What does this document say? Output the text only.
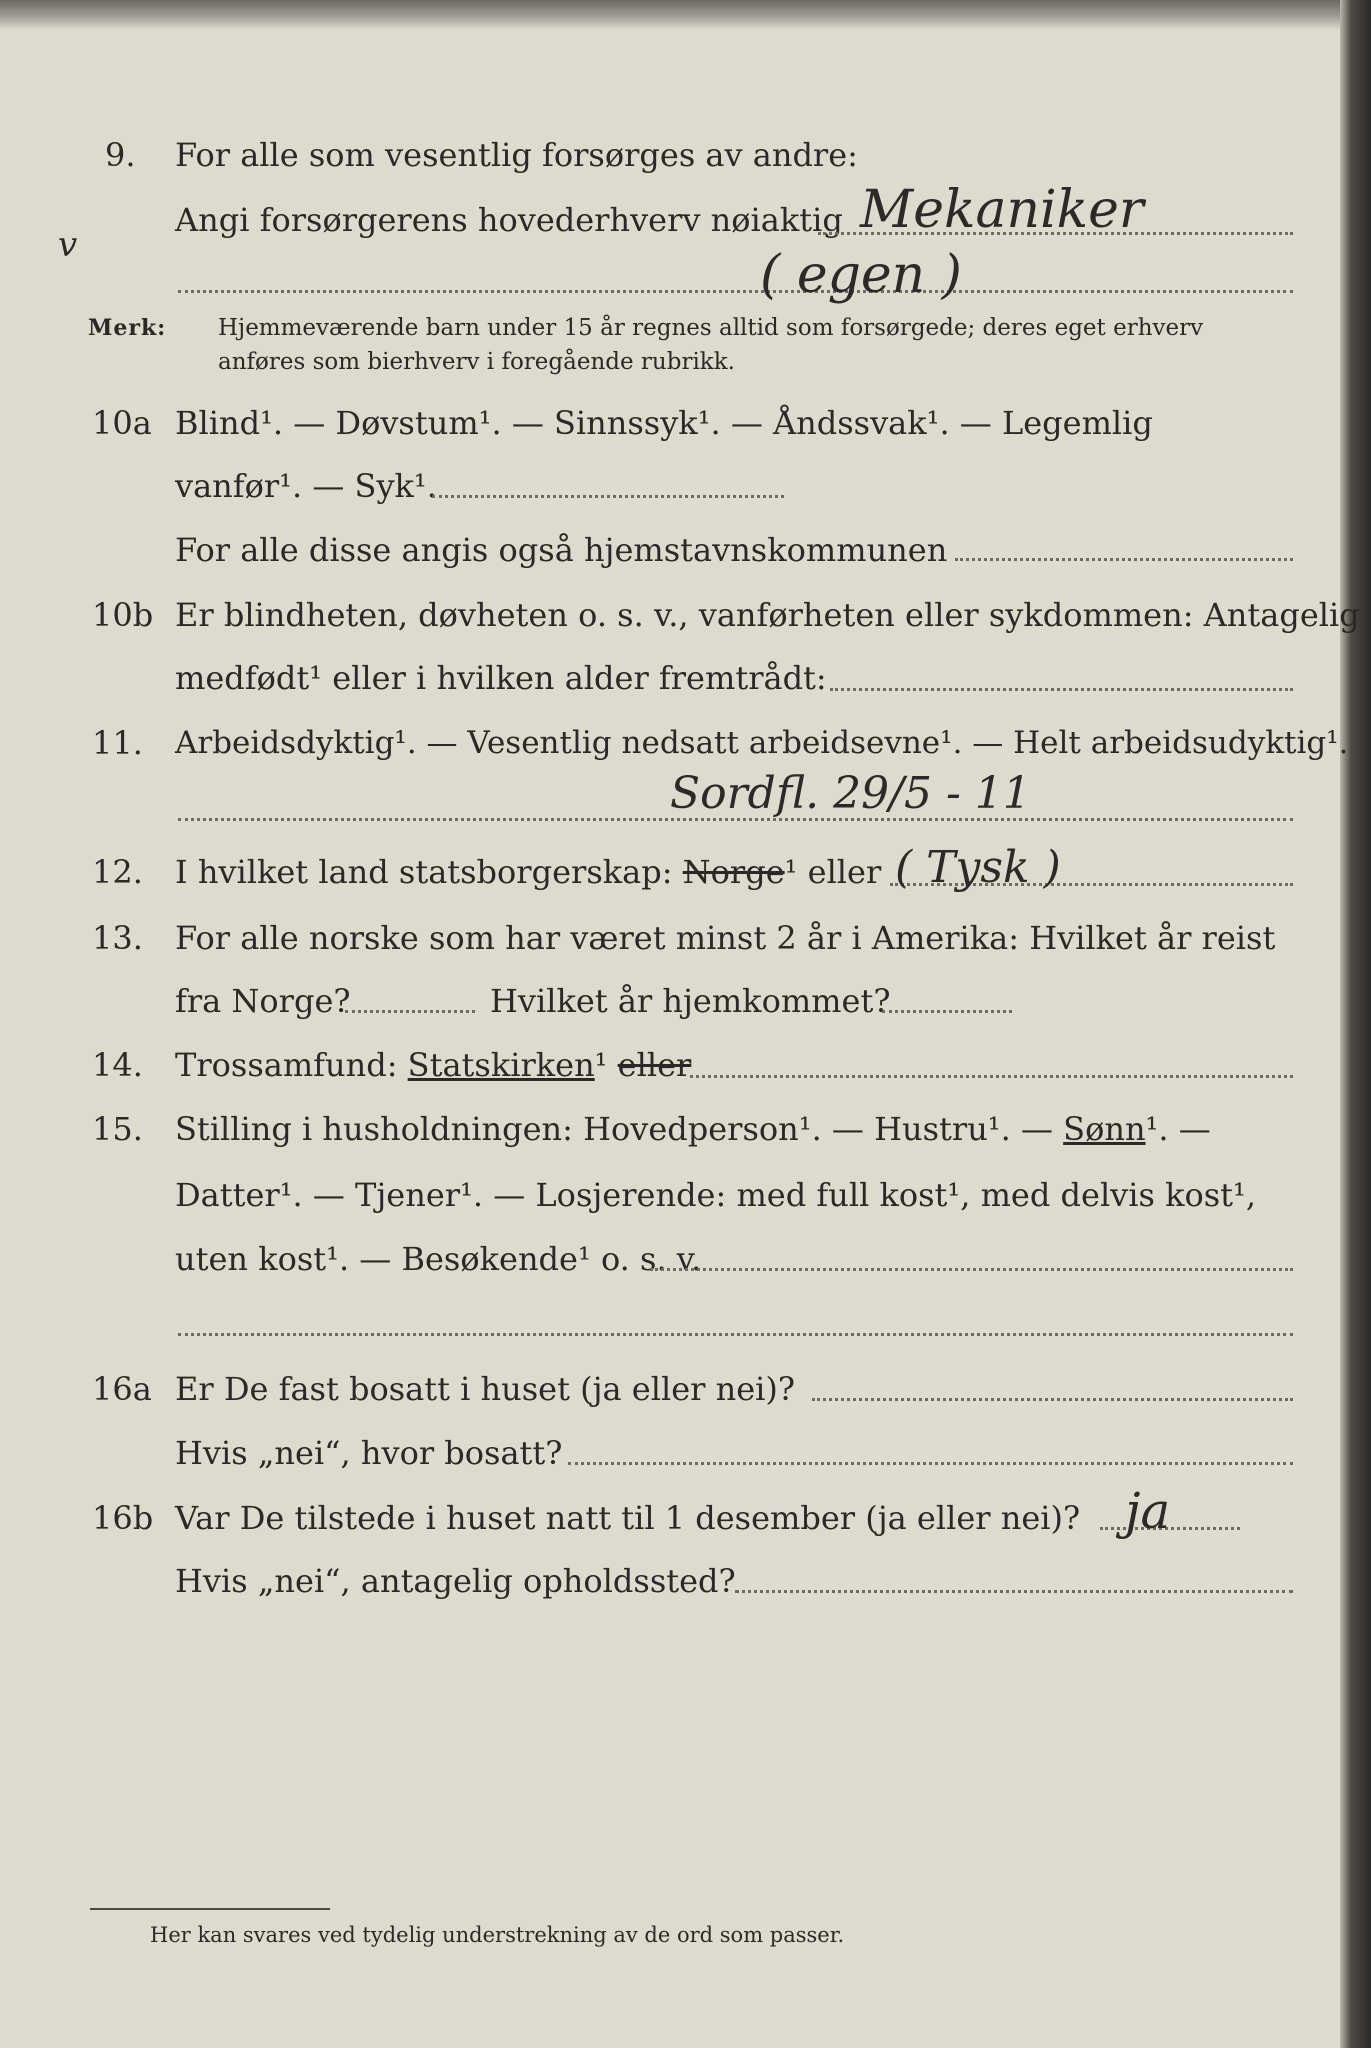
9. For alle som vesentlig forsørges av andre:
Angi forsørgerens hovederhverv nøiaktig Mekaniker
v	( egen )
Merk: Hjemmeværende barn under 15 år regnes alltid som forsørgede; deres eget erhverv
anføres som bierhverv i foregående rubrikk.
10a Blind¹. — Døvstum¹. — Sinnssyk¹. — Åndssvak¹. — Legemlig
vanfør¹. — Syk¹.
For alle disse angis også hjemstavnskommunen
10b Er blindheten, døvheten o. s. v., vanførheten eller sykdommen: Antagelig
medfødt¹ eller i hvilken alder fremtrådt:
11. Arbeidsdyktig¹. — Vesentlig nedsatt arbeidsevne¹. — Helt arbeidsudyktig¹.
Sordfl. 29/5 - 11
12. I hvilket land statsborgerskap: Norge¹ eller ( Tysk )
13. For alle norske som har været minst 2 år i Amerika: Hvilket år reist
fra Norge?	Hvilket år hjemkommet?
14. Trossamfund: Statskirken¹ eller
15. Stilling i husholdningen: Hovedperson¹. — Hustru¹. — Sønn¹. —
Datter¹. — Tjener¹. — Losjerende: med full kost¹, med delvis kost¹,
uten kost¹. — Besøkende¹ o. s. v.
16a Er De fast bosatt i huset (ja eller nei)?
Hvis „nei“, hvor bosatt?
16b Var De tilstede i huset natt til 1 desember (ja eller nei)? ja
Hvis „nei“, antagelig opholdssted?
Her kan svares ved tydelig understrekning av de ord som passer.
